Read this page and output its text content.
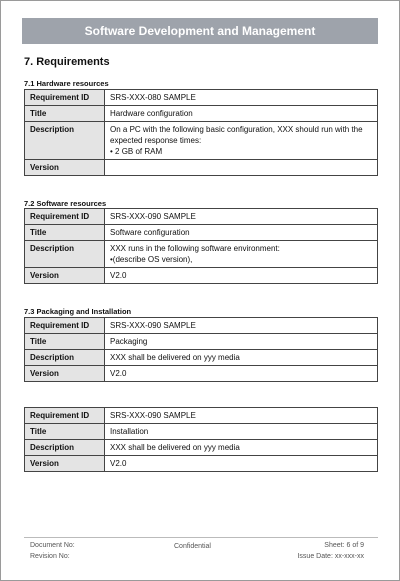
Software Development and Management
7. Requirements
7.1 Hardware resources
Requirement ID	SRS-XXX-080 SAMPLE
Title	Hardware configuration
Description	On a PC with the following basic configuration, XXX should run with the expected response times:
• 2 GB of RAM

Version	
7.2 Software resources
Requirement ID	SRS-XXX-090 SAMPLE
Title	Software configuration
Description	XXX runs in the following software environment:
•(describe OS version),

Version	V2.0
7.3 Packaging and Installation
Requirement ID	SRS-XXX-090 SAMPLE
Title	Packaging
Description	XXX shall be delivered on yyy media
Version	V2.0
Requirement ID	SRS-XXX-090 SAMPLE
Title	Installation
Description	XXX shall be delivered on yyy media
Version	V2.0
Document No:
Revision No:
Confidential	Sheet: 6 of 9
Issue Date: xx-xxx-xx
